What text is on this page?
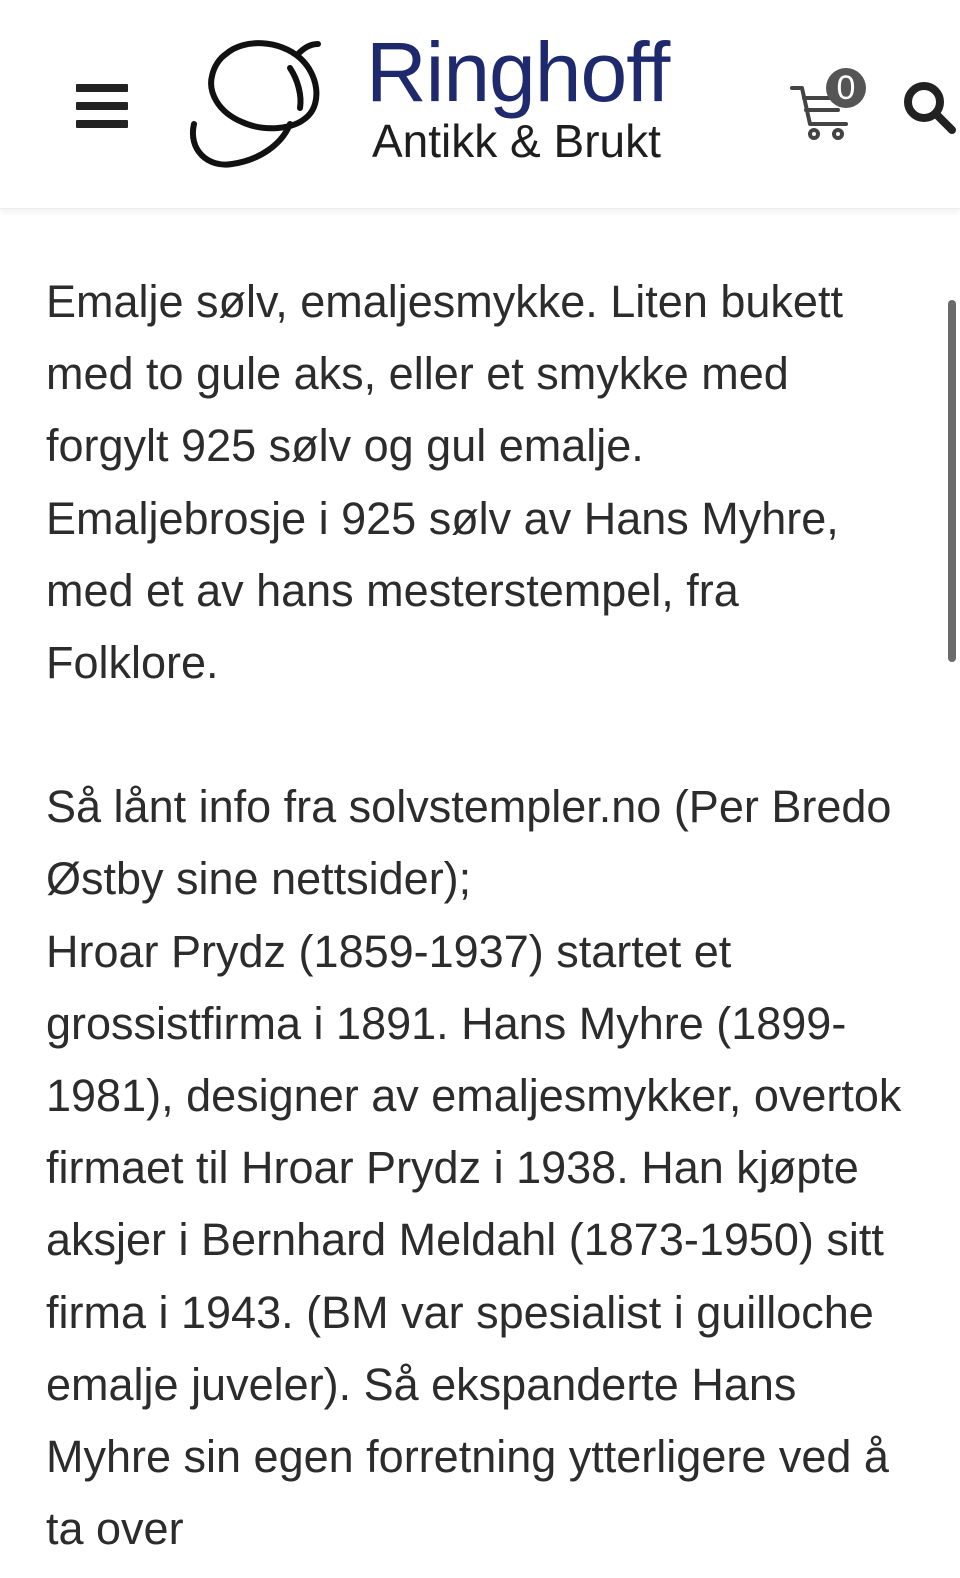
Ringhoff
Antikk & Brukt
0

Emalje sølv, emaljesmykke. Liten bukett med to gule aks, eller et smykke med forgylt 925 sølv og gul emalje. Emaljebrosje i 925 sølv av Hans Myhre, med et av hans mesterstempel, fra Folklore.

Så lånt info fra solvstempler.no (Per Bredo Østby sine nettsider);

Hroar Prydz (1859-1937) startet et grossistfirma i 1891. Hans Myhre (1899-1981), designer av emaljesmykker, overtok firmaet til Hroar Prydz i 1938. Han kjøpte aksjer i Bernhard Meldahl (1873-1950) sitt firma i 1943. (BM var spesialist i guilloche emalje juveler). Så ekspanderte Hans Myhre sin egen forretning ytterligere ved å ta over
